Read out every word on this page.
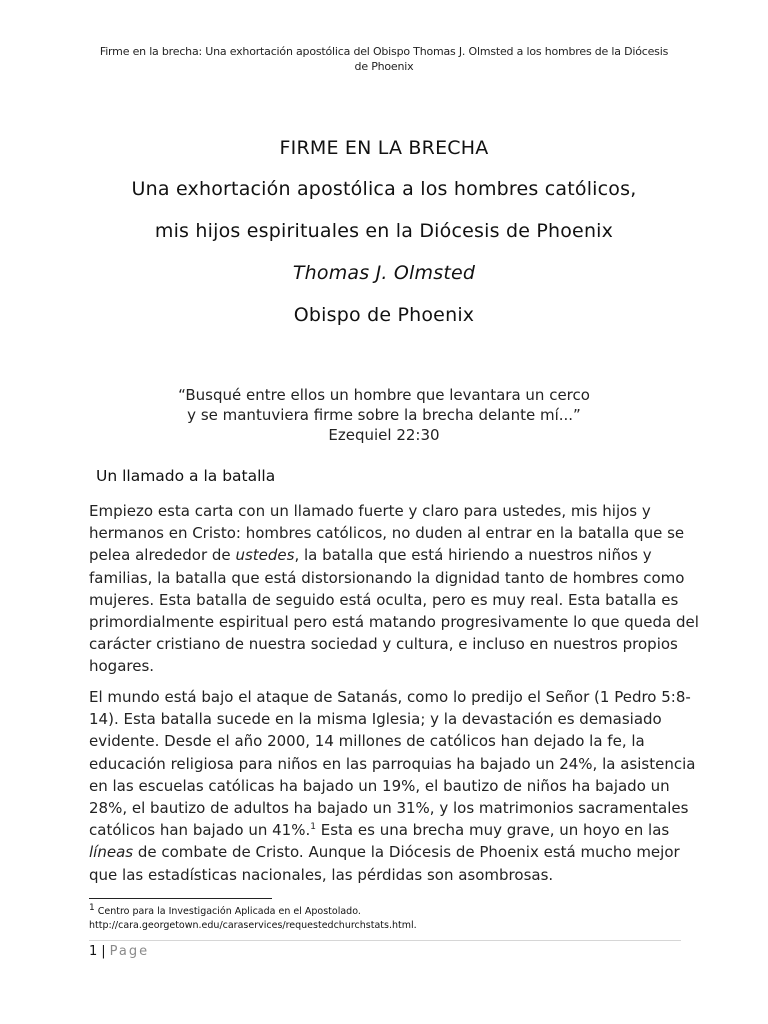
Firme en la brecha: Una exhortación apostólica del Obispo Thomas J. Olmsted a los hombres de la Diócesis
de Phoenix
FIRME EN LA BRECHA
Una exhortación apostólica a los hombres católicos,
mis hijos espirituales en la Diócesis de Phoenix
Thomas J. Olmsted
Obispo de Phoenix
“Busqué entre ellos un hombre que levantara un cerco
y se mantuviera firme sobre la brecha delante mí...”
Ezequiel 22:30
Un llamado a la batalla
Empiezo esta carta con un llamado fuerte y claro para ustedes, mis hijos y
hermanos en Cristo: hombres católicos, no duden al entrar en la batalla que se
pelea alrededor de ustedes, la batalla que está hiriendo a nuestros niños y
familias, la batalla que está distorsionando la dignidad tanto de hombres como
mujeres. Esta batalla de seguido está oculta, pero es muy real. Esta batalla es
primordialmente espiritual pero está matando progresivamente lo que queda del
carácter cristiano de nuestra sociedad y cultura, e incluso en nuestros propios
hogares.
El mundo está bajo el ataque de Satanás, como lo predijo el Señor (1 Pedro 5:8-
14). Esta batalla sucede en la misma Iglesia; y la devastación es demasiado
evidente. Desde el año 2000, 14 millones de católicos han dejado la fe, la
educación religiosa para niños en las parroquias ha bajado un 24%, la asistencia
en las escuelas católicas ha bajado un 19%, el bautizo de niños ha bajado un
28%, el bautizo de adultos ha bajado un 31%, y los matrimonios sacramentales
católicos han bajado un 41%.$^1$ Esta es una brecha muy grave, un hoyo en las
líneas de combate de Cristo. Aunque la Diócesis de Phoenix está mucho mejor
que las estadísticas nacionales, las pérdidas son asombrosas.
$^1$ Centro para la Investigación Aplicada en el Apostolado.
http://cara.georgetown.edu/caraservices/requestedchurchstats.html.
1 | Page
